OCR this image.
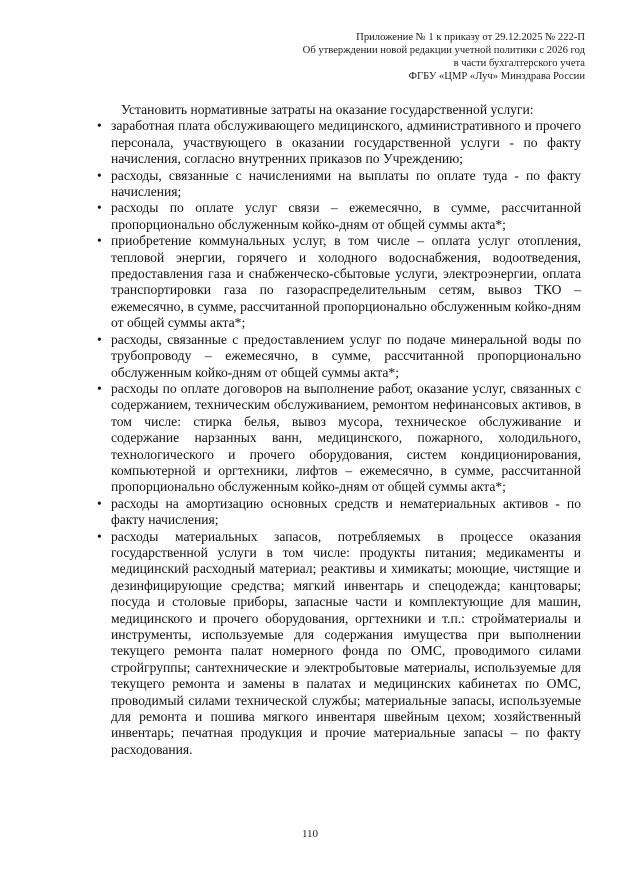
Приложение № 1 к приказу от 29.12.2025 № 222-П
Об утверждении новой редакции учетной политики с 2026 год
в части бухгалтерского учета
ФГБУ «ЦМР «Луч» Минздрава России

Установить нормативные затраты на оказание государственной услуги:

• заработная плата обслуживающего медицинского, административного и прочего персонала, участвующего в оказании государственной услуги - по факту начисления, согласно внутренних приказов по Учреждению;
• расходы, связанные с начислениями на выплаты по оплате туда - по факту начисления;
• расходы по оплате услуг связи – ежемесячно, в сумме, рассчитанной пропорционально обслуженным койко-дням от общей суммы акта*;
• приобретение коммунальных услуг, в том числе – оплата услуг отопления, тепловой энергии, горячего и холодного водоснабжения, водоотведения, предоставления газа и снабженческо-сбытовые услуги, электроэнергии, оплата транспортировки газа по газораспределительным сетям, вывоз ТКО – ежемесячно, в сумме, рассчитанной пропорционально обслуженным койко-дням от общей суммы акта*;
• расходы, связанные с предоставлением услуг по подаче минеральной воды по трубопроводу – ежемесячно, в сумме, рассчитанной пропорционально обслуженным койко-дням от общей суммы акта*;
• расходы по оплате договоров на выполнение работ, оказание услуг, связанных с содержанием, техническим обслуживанием, ремонтом нефинансовых активов, в том числе: стирка белья, вывоз мусора, техническое обслуживание и содержание нарзанных ванн, медицинского, пожарного, холодильного, технологического и прочего оборудования, систем кондиционирования, компьютерной и оргтехники, лифтов – ежемесячно, в сумме, рассчитанной пропорционально обслуженным койко-дням от общей суммы акта*;
• расходы на амортизацию основных средств и нематериальных активов - по факту начисления;
• расходы материальных запасов, потребляемых в процессе оказания государственной услуги в том числе: продукты питания; медикаменты и медицинский расходный материал; реактивы и химикаты; моющие, чистящие и дезинфицирующие средства; мягкий инвентарь и спецодежда; канцтовары; посуда и столовые приборы, запасные части и комплектующие для машин, медицинского и прочего оборудования, оргтехники и т.п.: стройматериалы и инструменты, используемые для содержания имущества при выполнении текущего ремонта палат номерного фонда по ОМС, проводимого силами стройгруппы; сантехнические и электробытовые материалы, используемые для текущего ремонта и замены в палатах и медицинских кабинетах по ОМС, проводимый силами технической службы; материальные запасы, используемые для ремонта и пошива мягкого инвентаря швейным цехом; хозяйственный инвентарь; печатная продукция и прочие материальные запасы – по факту расходования.
110
